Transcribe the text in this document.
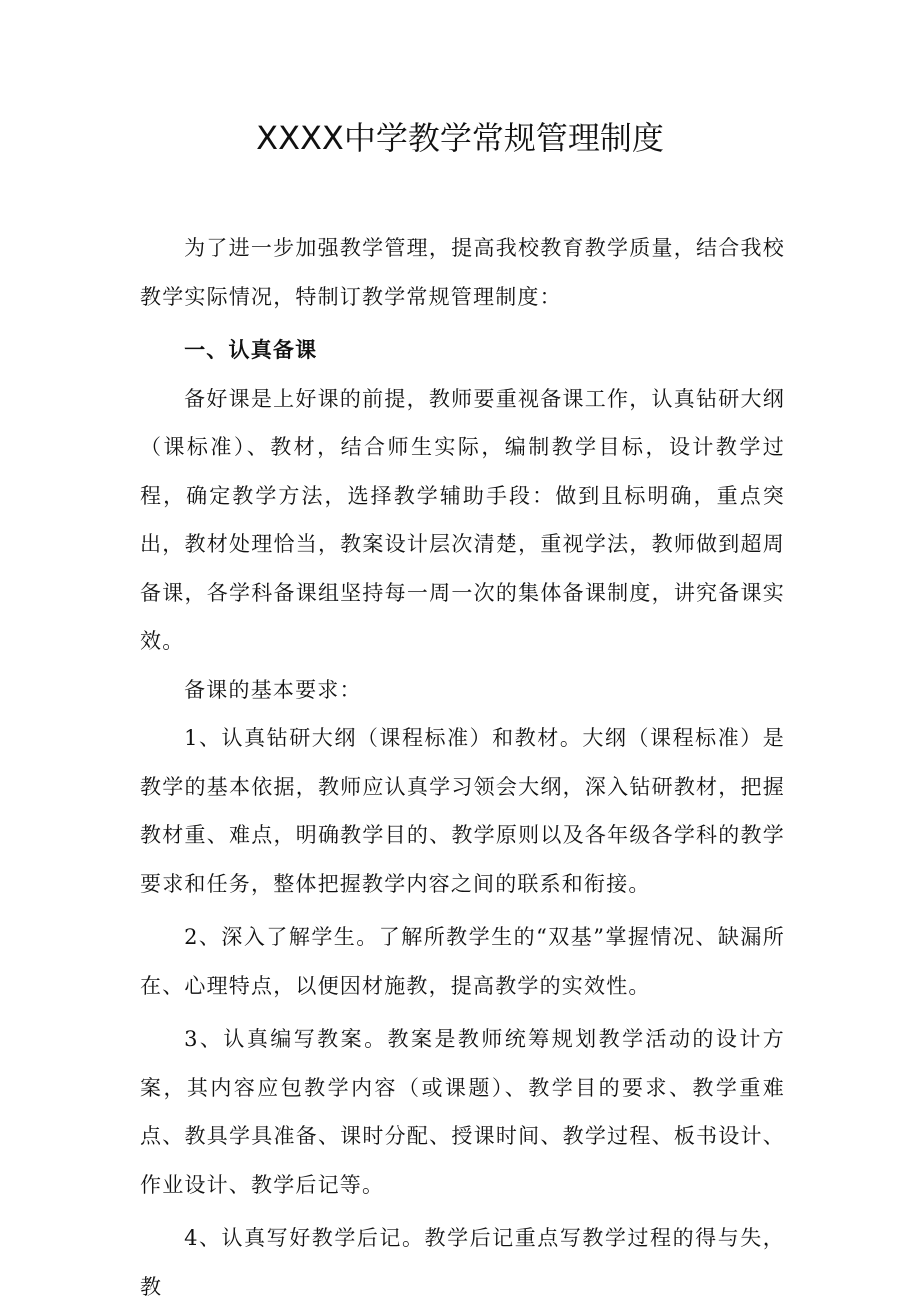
XXXX中学教学常规管理制度

为了进一步加强教学管理，提高我校教育教学质量，结合我校教学实际情况，特制订教学常规管理制度：

一、认真备课

备好课是上好课的前提，教师要重视备课工作，认真钻研大纲（课标准）、教材，结合师生实际，编制教学目标，设计教学过程，确定教学方法，选择教学辅助手段：做到且标明确，重点突出，教材处理恰当，教案设计层次清楚，重视学法，教师做到超周备课，各学科备课组坚持每一周一次的集体备课制度，讲究备课实效。

备课的基本要求：

1、认真钻研大纲（课程标准）和教材。大纲（课程标准）是教学的基本依据，教师应认真学习领会大纲，深入钻研教材，把握教材重、难点，明确教学目的、教学原则以及各年级各学科的教学要求和任务，整体把握教学内容之间的联系和衔接。

2、深入了解学生。了解所教学生的“双基”掌握情况、缺漏所在、心理特点，以便因材施教，提高教学的实效性。

3、认真编写教案。教案是教师统筹规划教学活动的设计方案，其内容应包教学内容（或课题）、教学目的要求、教学重难点、教具学具准备、课时分配、授课时间、教学过程、板书设计、作业设计、教学后记等。

4、认真写好教学后记。教学后记重点写教学过程的得与失，教
